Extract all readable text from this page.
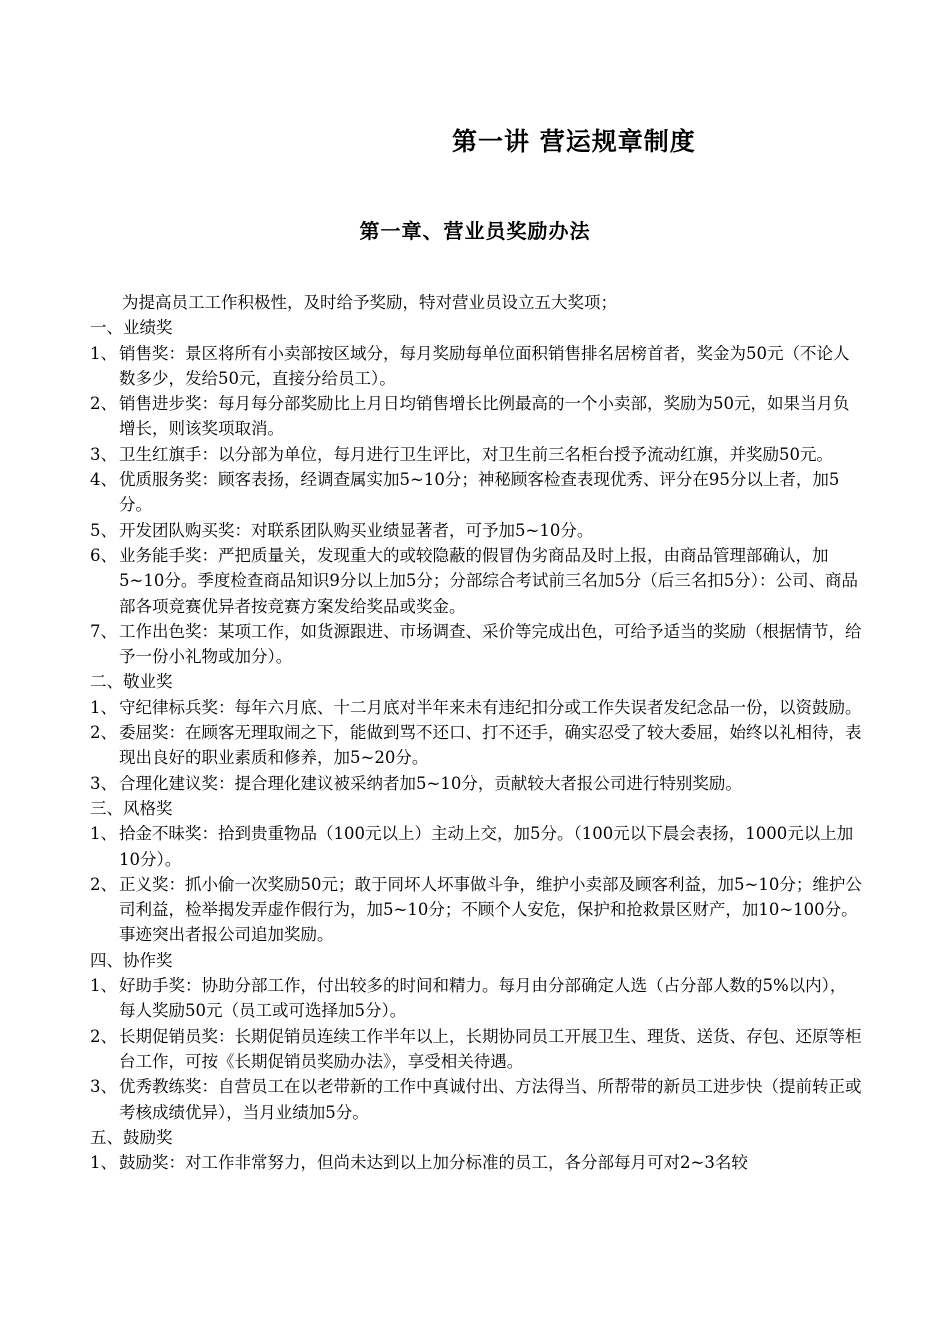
第一讲 营运规章制度
第一章、营业员奖励办法

为提高员工工作积极性，及时给予奖励，特对营业员设立五大奖项；

一、业绩奖

1、 销售奖：景区将所有小卖部按区域分，每月奖励每单位面积销售排名居榜首者，奖金为50元（不论人数多少，发给50元，直接分给员工）。

2、 销售进步奖：每月每分部奖励比上月日均销售增长比例最高的一个小卖部，奖励为50元，如果当月负增长，则该奖项取消。

3、 卫生红旗手：以分部为单位，每月进行卫生评比，对卫生前三名柜台授予流动红旗，并奖励50元。

4、 优质服务奖：顾客表扬，经调查属实加5~10分；神秘顾客检查表现优秀、评分在95分以上者，加5分。

5、 开发团队购买奖：对联系团队购买业绩显著者，可予加5~10分。

6、 业务能手奖：严把质量关，发现重大的或较隐蔽的假冒伪劣商品及时上报，由商品管理部确认，加5~10分。季度检查商品知识9分以上加5分；分部综合考试前三名加5分（后三名扣5分）：公司、商品部各项竞赛优异者按竞赛方案发给奖品或奖金。

7、 工作出色奖：某项工作，如货源跟进、市场调查、采价等完成出色，可给予适当的奖励（根据情节，给予一份小礼物或加分）。

二、敬业奖

1、 守纪律标兵奖：每年六月底、十二月底对半年来未有违纪扣分或工作失误者发纪念品一份，以资鼓励。

2、 委屈奖：在顾客无理取闹之下，能做到骂不还口、打不还手，确实忍受了较大委屈，始终以礼相待，表现出良好的职业素质和修养，加5~20分。

3、 合理化建议奖：提合理化建议被采纳者加5~10分，贡献较大者报公司进行特别奖励。

三、风格奖

1、 拾金不昧奖：拾到贵重物品（100元以上）主动上交，加5分。（100元以下晨会表扬，1000元以上加10分）。

2、 正义奖：抓小偷一次奖励50元；敢于同坏人坏事做斗争，维护小卖部及顾客利益，加5~10分；维护公司利益，检举揭发弄虚作假行为，加5~10分；不顾个人安危，保护和抢救景区财产，加10~100分。事迹突出者报公司追加奖励。

四、协作奖

1、 好助手奖：协助分部工作，付出较多的时间和精力。每月由分部确定人选（占分部人数的5%以内），每人奖励50元（员工或可选择加5分）。

2、 长期促销员奖：长期促销员连续工作半年以上，长期协同员工开展卫生、理货、送货、存包、还原等柜台工作，可按《长期促销员奖励办法》，享受相关待遇。

3、 优秀教练奖：自营员工在以老带新的工作中真诚付出、方法得当、所帮带的新员工进步快（提前转正或考核成绩优异），当月业绩加5分。

五、鼓励奖

1、 鼓励奖：对工作非常努力，但尚未达到以上加分标准的员工，各分部每月可对2~3名较
